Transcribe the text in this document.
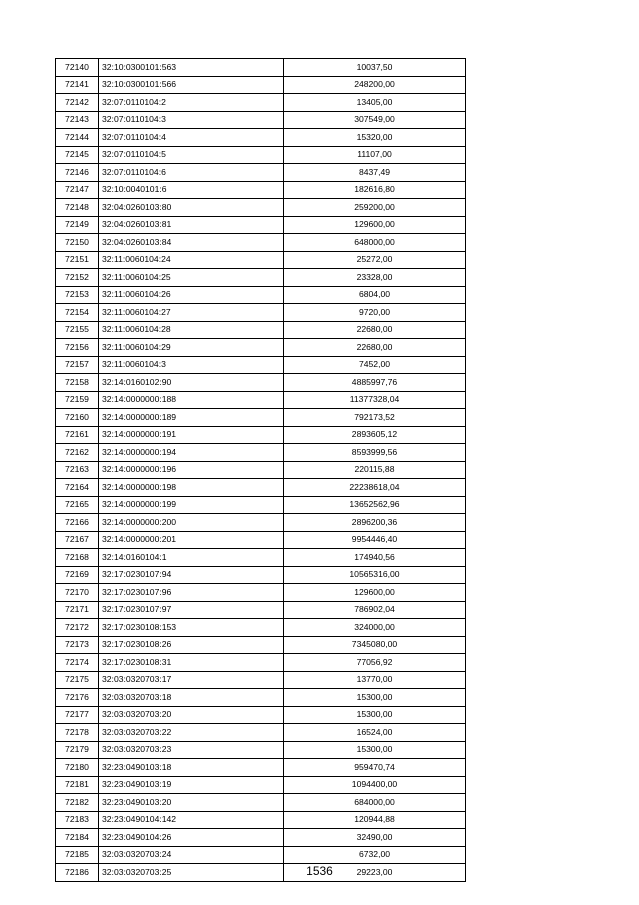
72140	32:10:0300101:563	10037,50
72141	32:10:0300101:566	248200,00
72142	32:07:0110104:2	13405,00
72143	32:07:0110104:3	307549,00
72144	32:07:0110104:4	15320,00
72145	32:07:0110104:5	11107,00
72146	32:07:0110104:6	8437,49
72147	32:10:0040101:6	182616,80
72148	32:04:0260103:80	259200,00
72149	32:04:0260103:81	129600,00
72150	32:04:0260103:84	648000,00
72151	32:11:0060104:24	25272,00
72152	32:11:0060104:25	23328,00
72153	32:11:0060104:26	6804,00
72154	32:11:0060104:27	9720,00
72155	32:11:0060104:28	22680,00
72156	32:11:0060104:29	22680,00
72157	32:11:0060104:3	7452,00
72158	32:14:0160102:90	4885997,76
72159	32:14:0000000:188	11377328,04
72160	32:14:0000000:189	792173,52
72161	32:14:0000000:191	2893605,12
72162	32:14:0000000:194	8593999,56
72163	32:14:0000000:196	220115,88
72164	32:14:0000000:198	22238618,04
72165	32:14:0000000:199	13652562,96
72166	32:14:0000000:200	2896200,36
72167	32:14:0000000:201	9954446,40
72168	32:14:0160104:1	174940,56
72169	32:17:0230107:94	10565316,00
72170	32:17:0230107:96	129600,00
72171	32:17:0230107:97	786902,04
72172	32:17:0230108:153	324000,00
72173	32:17:0230108:26	7345080,00
72174	32:17:0230108:31	77056,92
72175	32:03:0320703:17	13770,00
72176	32:03:0320703:18	15300,00
72177	32:03:0320703:20	15300,00
72178	32:03:0320703:22	16524,00
72179	32:03:0320703:23	15300,00
72180	32:23:0490103:18	959470,74
72181	32:23:0490103:19	1094400,00
72182	32:23:0490103:20	684000,00
72183	32:23:0490104:142	120944,88
72184	32:23:0490104:26	32490,00
72185	32:03:0320703:24	6732,00
72186	32:03:0320703:25	29223,00
1536
